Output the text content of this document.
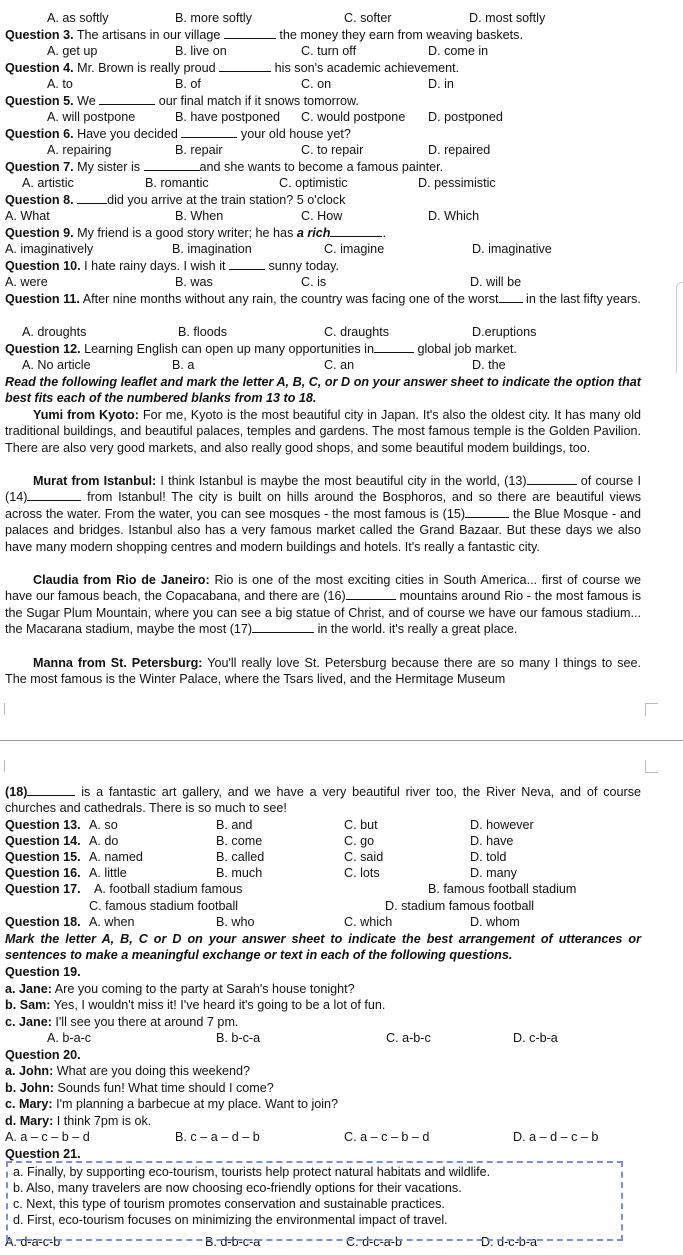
A. as softly	B. more softly	C. softer	D. most softly
Question 3. The artisans in our village	the money they earn from weaving baskets.
A. get up	B. live on	C. turn off	D. come in
Question 4. Mr. Brown is really proud	his son's academic achievement.
A. to	B. of	C. on	D. in
Question 5. We	our final match if it snows tomorrow.
A. will postpone	B. have postponed C. would postpone D. postponed
Question 6. Have you decided	your old house yet?
A. repairing	B. repair	C. to repair	D. repaired
Question 7. My sister is	and she wants to become a famous painter.
A. artistic	B. romantic	C. optimistic	D. pessimistic
Question 8.	did you arrive at the train station? 5 o'clock
A. What	B. When	C. How	D. Which
Question 9. My friend is a good story writer; he has a rich	.
A. imaginatively	B. imagination	C. imagine	D. imaginative
Question 10. I hate rainy days. I wish it	sunny today.
A. were	B. was	C. is	D. will be
Question 11. After nine months without any rain, the country was facing one of the worst in the last fifty years.
A. droughts	B. floods	C. draughts	D.eruptions
Question 12. Learning English can open up many opportunities in	global job market.
A. No article	B. a	C. an	D. the
Read the following leaflet and mark the letter A, B, C, or D on your answer sheet to indicate the option that best fits each of the numbered blanks from 13 to 18.
Yumi from Kyoto: For me, Kyoto is the most beautiful city in Japan. It's also the oldest city. It has many old traditional buildings, and beautiful palaces, temples and gardens. The most famous temple is the Golden Pavilion. There are also very good markets, and also really good shops, and some beautiful modem buildings, too.
Murat from Istanbul: I think Istanbul is maybe the most beautiful city in the world, (13)	of course I (14)	from Istanbul! The city is built on hills around the Bosphoros, and so there are beautiful views across the water. From the water, you can see mosques - the most famous is (15)	the Blue Mosque - and palaces and bridges. Istanbul also has a very famous market called the Grand Bazaar. But these days we also have many modern shopping centres and modern buildings and hotels. It's really a fantastic city.
Claudia from Rio de Janeiro: Rio is one of the most exciting cities in South America... first of course we have our famous beach, the Copacabana, and there are (16)	mountains around Rio - the most famous is the Sugar Plum Mountain, where you can see a big statue of Christ, and of course we have our famous stadium... the Macarana stadium, maybe the most (17)	in the world. it's really a great place.
Manna from St. Petersburg: You'll really love St. Petersburg because there are so many I things to see. The most famous is the Winter Palace, where the Tsars lived, and the Hermitage Museum
(18)	is a fantastic art gallery, and we have a very beautiful river too, the River Neva, and of course churches and cathedrals. There is so much to see!
Question 13. A. so	B. and	C. but	D. however
Question 14. A. do	B. come	C. go	D. have
Question 15. A. named	B. called	C. said	D. told
Question 16. A. little	B. much	C. lots	D. many
Question 17. A. football stadium famous	B. famous football stadium
C. famous stadium football	D. stadium famous football
Question 18. A. when	B. who	C. which	D. whom
Mark the letter A, B, C or D on your answer sheet to indicate the best arrangement of utterances or sentences to make a meaningful exchange or text in each of the following questions.
Question 19.
a. Jane: Are you coming to the party at Sarah's house tonight?
b. Sam: Yes, I wouldn't miss it! I've heard it's going to be a lot of fun.
c. Jane: I'll see you there at around 7 pm.
A. b-a-c	B. b-c-a	C. a-b-c	D. c-b-a
Question 20.
a. John: What are you doing this weekend?
b. John: Sounds fun! What time should I come?
c. Mary: I'm planning a barbecue at my place. Want to join?
d. Mary: I think 7pm is ok.
A. a – c – b – d	B. c – a – d – b	C. a – c – b – d	D. a – d – c – b
Question 21.
a. Finally, by supporting eco-tourism, tourists help protect natural habitats and wildlife.
b. Also, many travelers are now choosing eco-friendly options for their vacations.
c. Next, this type of tourism promotes conservation and sustainable practices.
d. First, eco-tourism focuses on minimizing the environmental impact of travel.
A. d-a-c-b	B. d-b-c-a	C. d-c-a-b	D. d-c-b-a
